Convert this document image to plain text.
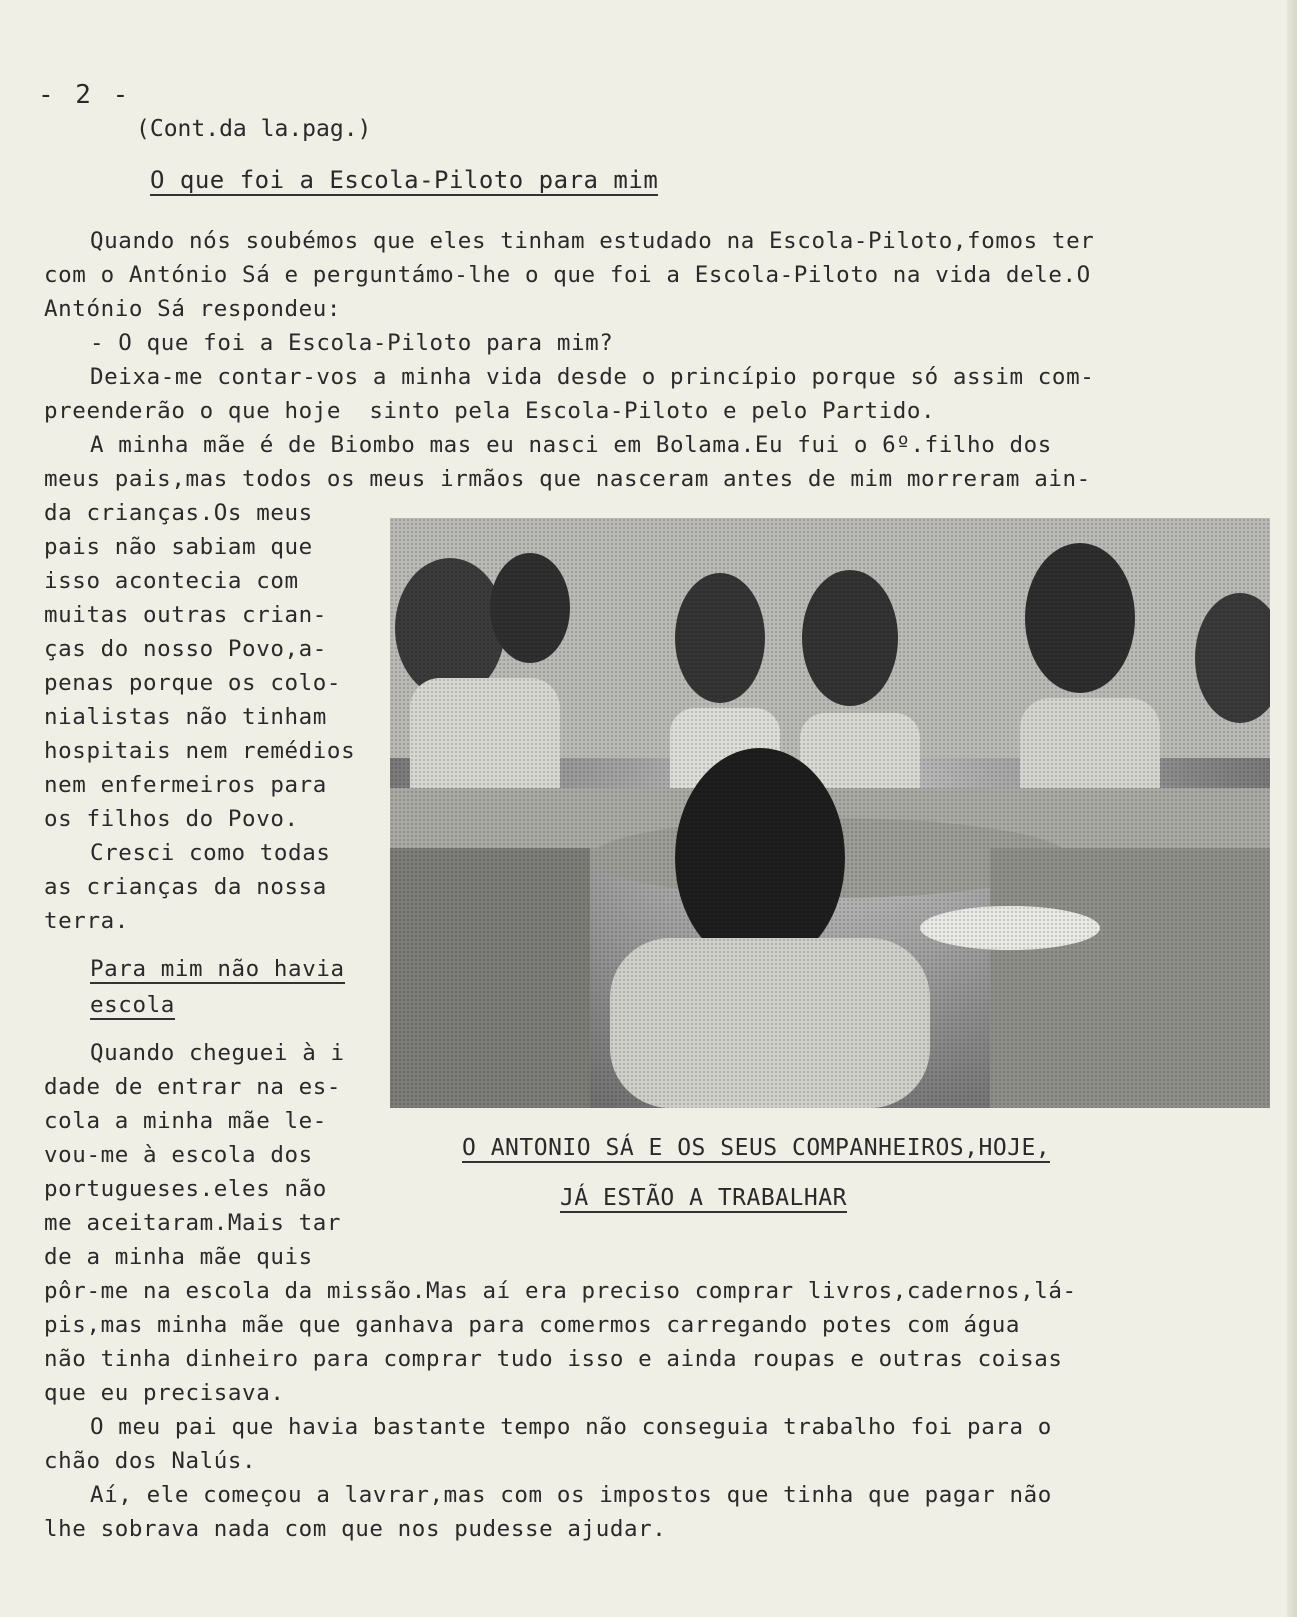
- 2 -
(Cont.da la.pag.)
O que foi a Escola-Piloto para mim
Quando nós soubémos que eles tinham estudado na Escola-Piloto,fomos ter
com o António Sá e perguntámo-lhe o que foi a Escola-Piloto na vida dele.O
António Sá respondeu:
- O que foi a Escola-Piloto para mim?
Deixa-me contar-vos a minha vida desde o princípio porque só assim com-
preenderão o que hoje  sinto pela Escola-Piloto e pelo Partido.
A minha mãe é de Biombo mas eu nasci em Bolama.Eu fui o 6º.filho dos
meus pais,mas todos os meus irmãos que nasceram antes de mim morreram ain-
da crianças.Os meus
pais não sabiam que
isso acontecia com
muitas outras crian-
ças do nosso Povo,a-
penas porque os colo-
nialistas não tinham
hospitais nem remédios
nem enfermeiros para
os filhos do Povo.
Cresci como todas
as crianças da nossa
terra.
Para mim não havia
escola
Quando cheguei à i
dade de entrar na es-
cola a minha mãe le-
vou-me à escola dos
portugueses.eles não
me aceitaram.Mais tar
de a minha mãe quis
pôr-me na escola da missão.Mas aí era preciso comprar livros,cadernos,lá-
pis,mas minha mãe que ganhava para comermos carregando potes com água
não tinha dinheiro para comprar tudo isso e ainda roupas e outras coisas
que eu precisava.
O meu pai que havia bastante tempo não conseguia trabalho foi para o
chão dos Nalús.
Aí, ele começou a lavrar,mas com os impostos que tinha que pagar não
lhe sobrava nada com que nos pudesse ajudar.
O ANTONIO SÁ E OS SEUS COMPANHEIROS,HOJE,
JÁ ESTÃO A TRABALHAR
